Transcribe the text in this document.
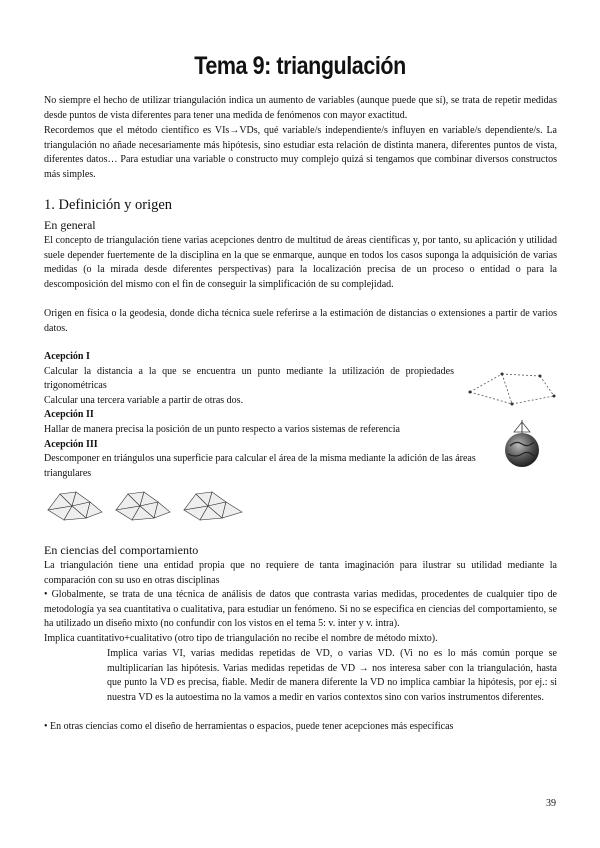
Tema 9: triangulación

No siempre el hecho de utilizar triangulación indica un aumento de variables (aunque puede que sí), se trata de repetir medidas desde puntos de vista diferentes para tener una medida de fenómenos con mayor exactitud.

Recordemos que el método científico es VIs→VDs, qué variable/s independiente/s influyen en variable/s dependiente/s. La triangulación no añade necesariamente más hipótesis, sino estudiar esta relación de distinta manera, diferentes puntos de vista, diferentes datos… Para estudiar una variable o constructo muy complejo quizá si tengamos que combinar diversos constructos más simples.

1. Definición y origen
En general

El concepto de triangulación tiene varias acepciones dentro de multitud de áreas científicas y, por tanto, su aplicación y utilidad suele depender fuertemente de la disciplina en la que se enmarque, aunque en todos los casos suponga la adquisición de varias medidas (o la mirada desde diferentes perspectivas) para la localización precisa de un proceso o entidad o para la descomposición del mismo con el fin de conseguir la simplificación de su complejidad.

Origen en física o la geodesia, donde dicha técnica suele referirse a la estimación de distancias o extensiones a partir de varios datos.

Acepción I
Calcular la distancia a la que se encuentra un punto mediante la utilización de propiedades trigonométricas
Calcular una tercera variable a partir de otras dos.
Acepción II
Hallar de manera precisa la posición de un punto respecto a varios sistemas de referencia
Acepción III
Descomponer en triángulos una superficie para calcular el área de la misma mediante la adición de las áreas triangulares
En ciencias del comportamiento

La triangulación tiene una entidad propia que no requiere de tanta imaginación para ilustrar su utilidad mediante la comparación con su uso en otras disciplinas

• Globalmente, se trata de una técnica de análisis de datos que contrasta varias medidas, procedentes de cualquier tipo de metodología ya sea cuantitativa o cualitativa, para estudiar un fenómeno. Si no se especifica en ciencias del comportamiento, se ha utilizado un diseño mixto (no confundir con los vistos en el tema 5: v. inter y v. intra).

Implica cuantitativo+cualitativo (otro tipo de triangulación no recibe el nombre de método mixto).

Implica varias VI, varias medidas repetidas de VD, o varias VD. (Vi no es lo más común porque se multiplicarían las hipótesis. Varias medidas repetidas de VD → nos interesa saber con la triangulación, hasta que punto la VD es precisa, fiable. Medir de manera diferente la VD no implica cambiar la hipótesis, por ej.: si nuestra VD es la autoestima no la vamos a medir en varios contextos sino con varios instrumentos diferentes.

• En otras ciencias como el diseño de herramientas o espacios, puede tener acepciones más específicas

39
